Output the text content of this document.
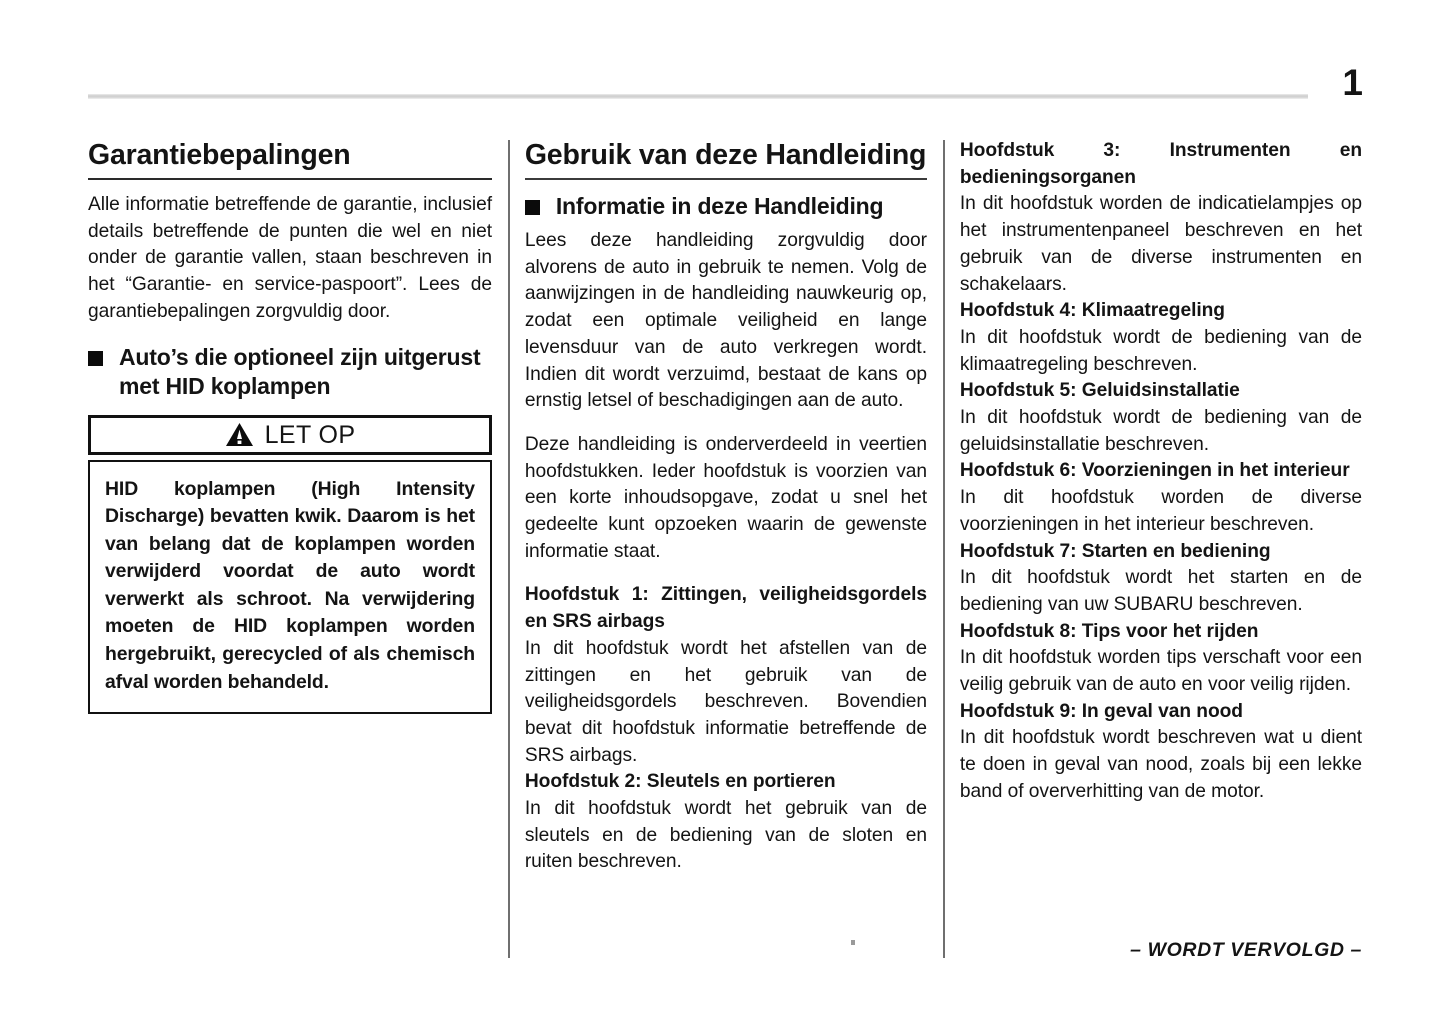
1
Garantiebepalingen

Alle informatie betreffende de garantie, inclusief details betreffende de punten die wel en niet onder de garantie vallen, staan beschreven in het “Garantie- en service-paspoort”. Lees de garantiebepalingen zorgvuldig door.

Auto’s die optioneel zijn uitgerust met HID koplampen
LET OP

HID koplampen (High Intensity Discharge) bevatten kwik. Daarom is het van belang dat de koplampen worden verwijderd voordat de auto wordt verwerkt als schroot. Na verwijdering moeten de HID koplampen worden hergebruikt, gerecycled of als chemisch afval worden behandeld.

Gebruik van deze Handleiding
Informatie in deze Handleiding

Lees deze handleiding zorgvuldig door alvorens de auto in gebruik te nemen. Volg de aanwijzingen in de handleiding nauwkeurig op, zodat een optimale veiligheid en lange levensduur van de auto verkregen wordt. Indien dit wordt verzuimd, bestaat de kans op ernstig letsel of beschadigingen aan de auto.

Deze handleiding is onderverdeeld in veertien hoofdstukken. Ieder hoofdstuk is voorzien van een korte inhoudsopgave, zodat u snel het gedeelte kunt opzoeken waarin de gewenste informatie staat.

Hoofdstuk 1: Zittingen, veiligheidsgordels en SRS airbags

In dit hoofdstuk wordt het afstellen van de zittingen en het gebruik van de veiligheidsgordels beschreven. Bovendien bevat dit hoofdstuk informatie betreffende de SRS airbags.

Hoofdstuk 2: Sleutels en portieren

In dit hoofdstuk wordt het gebruik van de sleutels en de bediening van de sloten en ruiten beschreven.

Hoofdstuk 3: Instrumenten en bedieningsorganen

In dit hoofdstuk worden de indicatielampjes op het instrumentenpaneel beschreven en het gebruik van de diverse instrumenten en schakelaars.

Hoofdstuk 4: Klimaatregeling

In dit hoofdstuk wordt de bediening van de klimaatregeling beschreven.

Hoofdstuk 5: Geluidsinstallatie

In dit hoofdstuk wordt de bediening van de geluidsinstallatie beschreven.

Hoofdstuk 6: Voorzieningen in het interieur

In dit hoofdstuk worden de diverse voorzieningen in het interieur beschreven.

Hoofdstuk 7: Starten en bediening

In dit hoofdstuk wordt het starten en de bediening van uw SUBARU beschreven.

Hoofdstuk 8: Tips voor het rijden

In dit hoofdstuk worden tips verschaft voor een veilig gebruik van de auto en voor veilig rijden.

Hoofdstuk 9: In geval van nood

In dit hoofdstuk wordt beschreven wat u dient te doen in geval van nood, zoals bij een lekke band of oververhitting van de motor.

– WORDT VERVOLGD –
